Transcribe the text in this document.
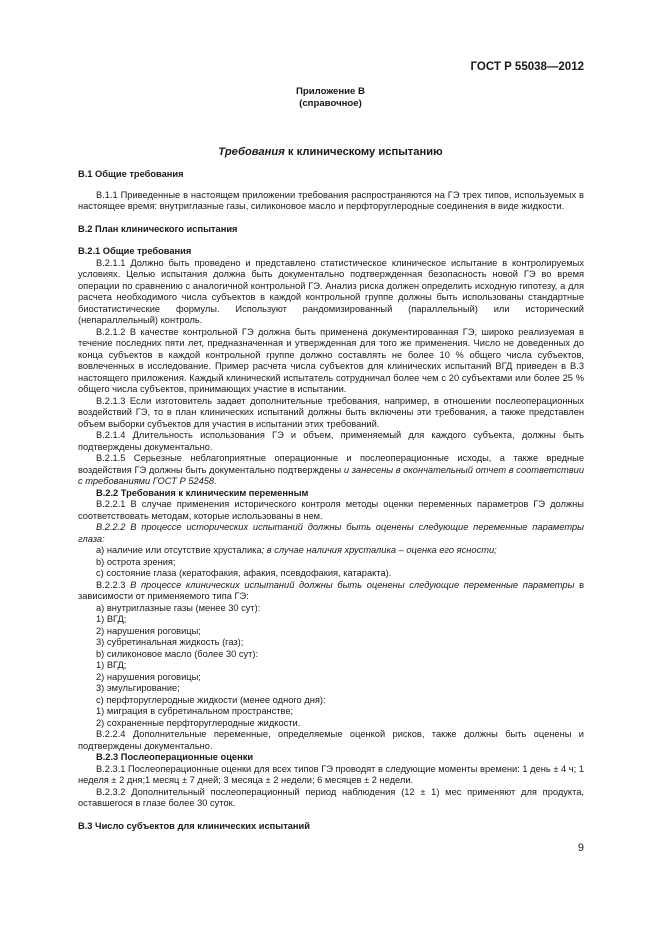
ГОСТ Р 55038—2012
Приложение В
(справочное)
Требования к клиническому испытанию
В.1 Общие требования

В.1.1 Приведенные в настоящем приложении требования распространяются на ГЭ трех типов, используемых в настоящее время: внутриглазные газы, силиконовое масло и перфторуглеродные соединения в виде жидкости.

В.2 План клинического испытания
В.2.1 Общие требования

В.2.1.1 Должно быть проведено и представлено статистическое клиническое испытание в контролируемых условиях. Целью испытания должна быть документально подтвержденная безопасность новой ГЭ во время операции по сравнению с аналогичной контрольной ГЭ. Анализ риска должен определить исходную гипотезу, а для расчета необходимого числа субъектов в каждой контрольной группе должны быть использованы стандартные биостатистические формулы. Используют рандомизированный (параллельный) или исторический (непараллельный) контроль.

В.2.1.2 В качестве контрольной ГЭ должна быть применена документированная ГЭ, широко реализуемая в течение последних пяти лет, предназначенная и утвержденная для того же применения. Число не доведенных до конца субъектов в каждой контрольной группе должно составлять не более 10 % общего числа субъектов, вовлеченных в исследование. Пример расчета числа субъектов для клинических испытаний ВГД приведен в В.3 настоящего приложения. Каждый клинический испытатель сотрудничал более чем с 20 субъектами или более 25 % общего числа субъектов, принимающих участие в испытании.

В.2.1.3 Если изготовитель задает дополнительные требования, например, в отношении послеоперационных воздействий ГЭ, то в план клинических испытаний должны быть включены эти требования, а также представлен объем выборки субъектов для участия в испытании этих требований.

В.2.1.4 Длительность использования ГЭ и объем, применяемый для каждого субъекта, должны быть подтверждены документально.

В.2.1.5 Серьезные неблагоприятные операционные и послеоперационные исходы, а также вредные воздействия ГЭ должны быть документально подтверждены и занесены в окончательный отчет в соответствии с требованиями ГОСТ Р 52458.

В.2.2 Требования к клиническим переменным

В.2.2.1 В случае применения исторического контроля методы оценки переменных параметров ГЭ должны соответствовать методам, которые использованы в нем.

В.2.2.2 В процессе исторических испытаний должны быть оценены следующие переменные параметры глаза:

а) наличие или отсутствие хрусталика; в случае наличия хрусталика – оценка его ясности;

b) острота зрения;

с) состояние глаза (кератофакия, афакия, псевдофакия, катаракта).

В.2.2.3 В процессе клинических испытаний должны быть оценены следующие переменные параметры в зависимости от применяемого типа ГЭ:

а) внутриглазные газы (менее 30 сут):

1) ВГД;

2) нарушения роговицы;

3) субретинальная жидкость (газ);

b) силиконовое масло (более 30 сут):

1) ВГД;

2) нарушения роговицы;

3) эмульгирование;

с) перфторуглеродные жидкости (менее одного дня):

1) миграция в субретинальном пространстве;

2) сохраненные перфторуглеродные жидкости.

В.2.2.4 Дополнительные переменные, определяемые оценкой рисков, также должны быть оценены и подтверждены документально.

В.2.3 Послеоперационные оценки

В.2.3.1 Послеоперационные оценки для всех типов ГЭ проводят в следующие моменты времени: 1 день ± 4 ч; 1 неделя ± 2 дня;1 месяц ± 7 дней; 3 месяца ± 2 недели; 6 месяцев ± 2 недели.

В.2.3.2 Дополнительный послеоперационный период наблюдения (12 ± 1) мес применяют для продукта, оставшегося в глазе более 30 суток.

В.3 Число субъектов для клинических испытаний
9
